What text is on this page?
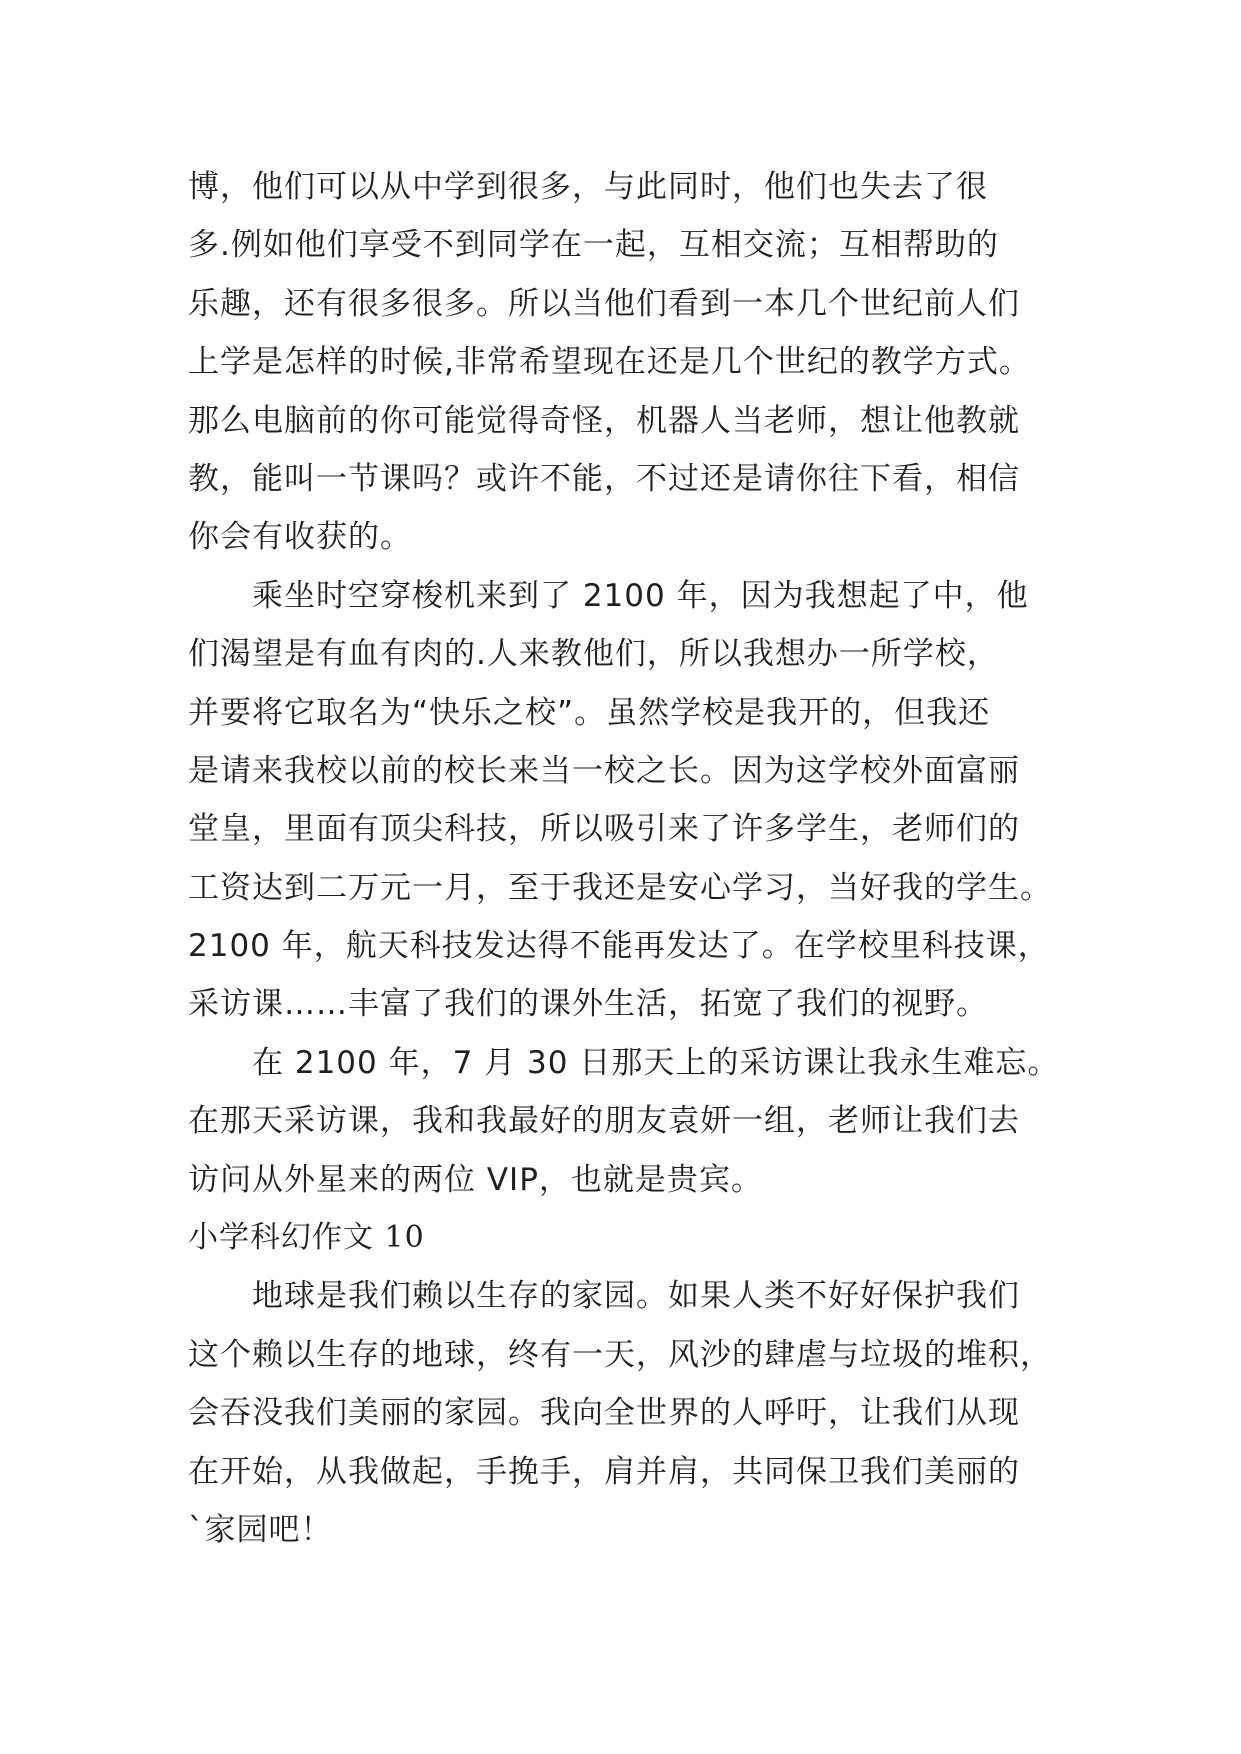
博，他们可以从中学到很多，与此同时，他们也失去了很
多.例如他们享受不到同学在一起，互相交流；互相帮助的
乐趣，还有很多很多。所以当他们看到一本几个世纪前人们
上学是怎样的时候,非常希望现在还是几个世纪的教学方式。
那么电脑前的你可能觉得奇怪，机器人当老师，想让他教就
教，能叫一节课吗？或许不能，不过还是请你往下看，相信
你会有收获的。
乘坐时空穿梭机来到了 2100 年，因为我想起了中，他
们渴望是有血有肉的.人来教他们，所以我想办一所学校，
并要将它取名为“快乐之校”。虽然学校是我开的，但我还
是请来我校以前的校长来当一校之长。因为这学校外面富丽
堂皇，里面有顶尖科技，所以吸引来了许多学生，老师们的
工资达到二万元一月，至于我还是安心学习，当好我的学生。
2100 年，航天科技发达得不能再发达了。在学校里科技课，
采访课……丰富了我们的课外生活，拓宽了我们的视野。
在 2100 年，7 月 30 日那天上的采访课让我永生难忘。
在那天采访课，我和我最好的朋友袁妍一组，老师让我们去
访问从外星来的两位 VIP，也就是贵宾。
小学科幻作文 10
地球是我们赖以生存的家园。如果人类不好好保护我们
这个赖以生存的地球，终有一天，风沙的肆虐与垃圾的堆积，
会吞没我们美丽的家园。我向全世界的人呼吁，让我们从现
在开始，从我做起，手挽手，肩并肩，共同保卫我们美丽的
`家园吧！
